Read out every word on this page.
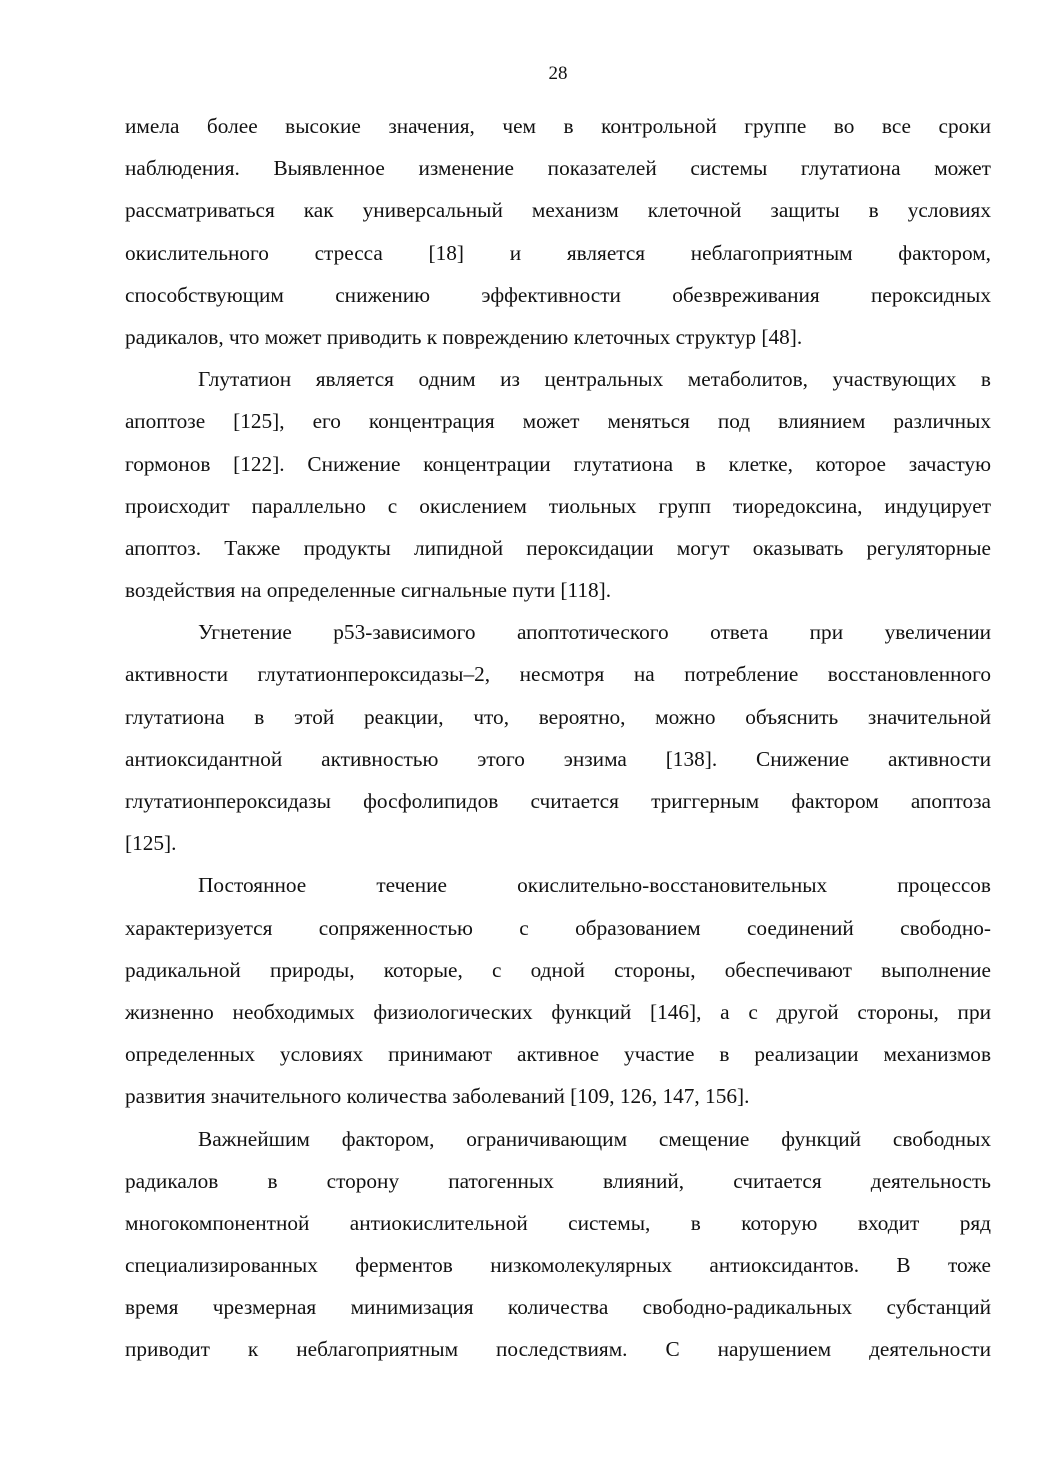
28

имела более высокие значения, чем в контрольной группе во все сроки
наблюдения. Выявленное изменение показателей системы глутатиона может
рассматриваться как универсальный механизм клеточной защиты в условиях
окислительного стресса [18] и является неблагоприятным фактором,
способствующим снижению эффективности обезвреживания пероксидных
радикалов, что может приводить к повреждению клеточных структур [48].

Глутатион является одним из центральных метаболитов, участвующих в
апоптозе [125], его концентрация может меняться под влиянием различных
гормонов [122]. Снижение концентрации глутатиона в клетке, которое зачастую
происходит параллельно с окислением тиольных групп тиоредоксина, индуцирует
апоптоз. Также продукты липидной пероксидации могут оказывать регуляторные
воздействия на определенные сигнальные пути [118].

Угнетение p53-зависимого апоптотического ответа при увеличении
активности глутатионпероксидазы–2, несмотря на потребление восстановленного
глутатиона в этой реакции, что, вероятно, можно объяснить значительной
антиоксидантной активностью этого энзима [138]. Снижение активности
глутатионпероксидазы фосфолипидов считается триггерным фактором апоптоза
[125].

Постоянное течение окислительно-восстановительных процессов
характеризуется сопряженностью с образованием соединений свободно-
радикальной природы, которые, с одной стороны, обеспечивают выполнение
жизненно необходимых физиологических функций [146], а с другой стороны, при
определенных условиях принимают активное участие в реализации механизмов
развития значительного количества заболеваний [109, 126, 147, 156].

Важнейшим фактором, ограничивающим смещение функций свободных
радикалов в сторону патогенных влияний, считается деятельность
многокомпонентной антиокислительной системы, в которую входит ряд
специализированных ферментов низкомолекулярных антиоксидантов. В тоже
время чрезмерная минимизация количества свободно-радикальных субстанций
приводит к неблагоприятным последствиям. С нарушением деятельности
